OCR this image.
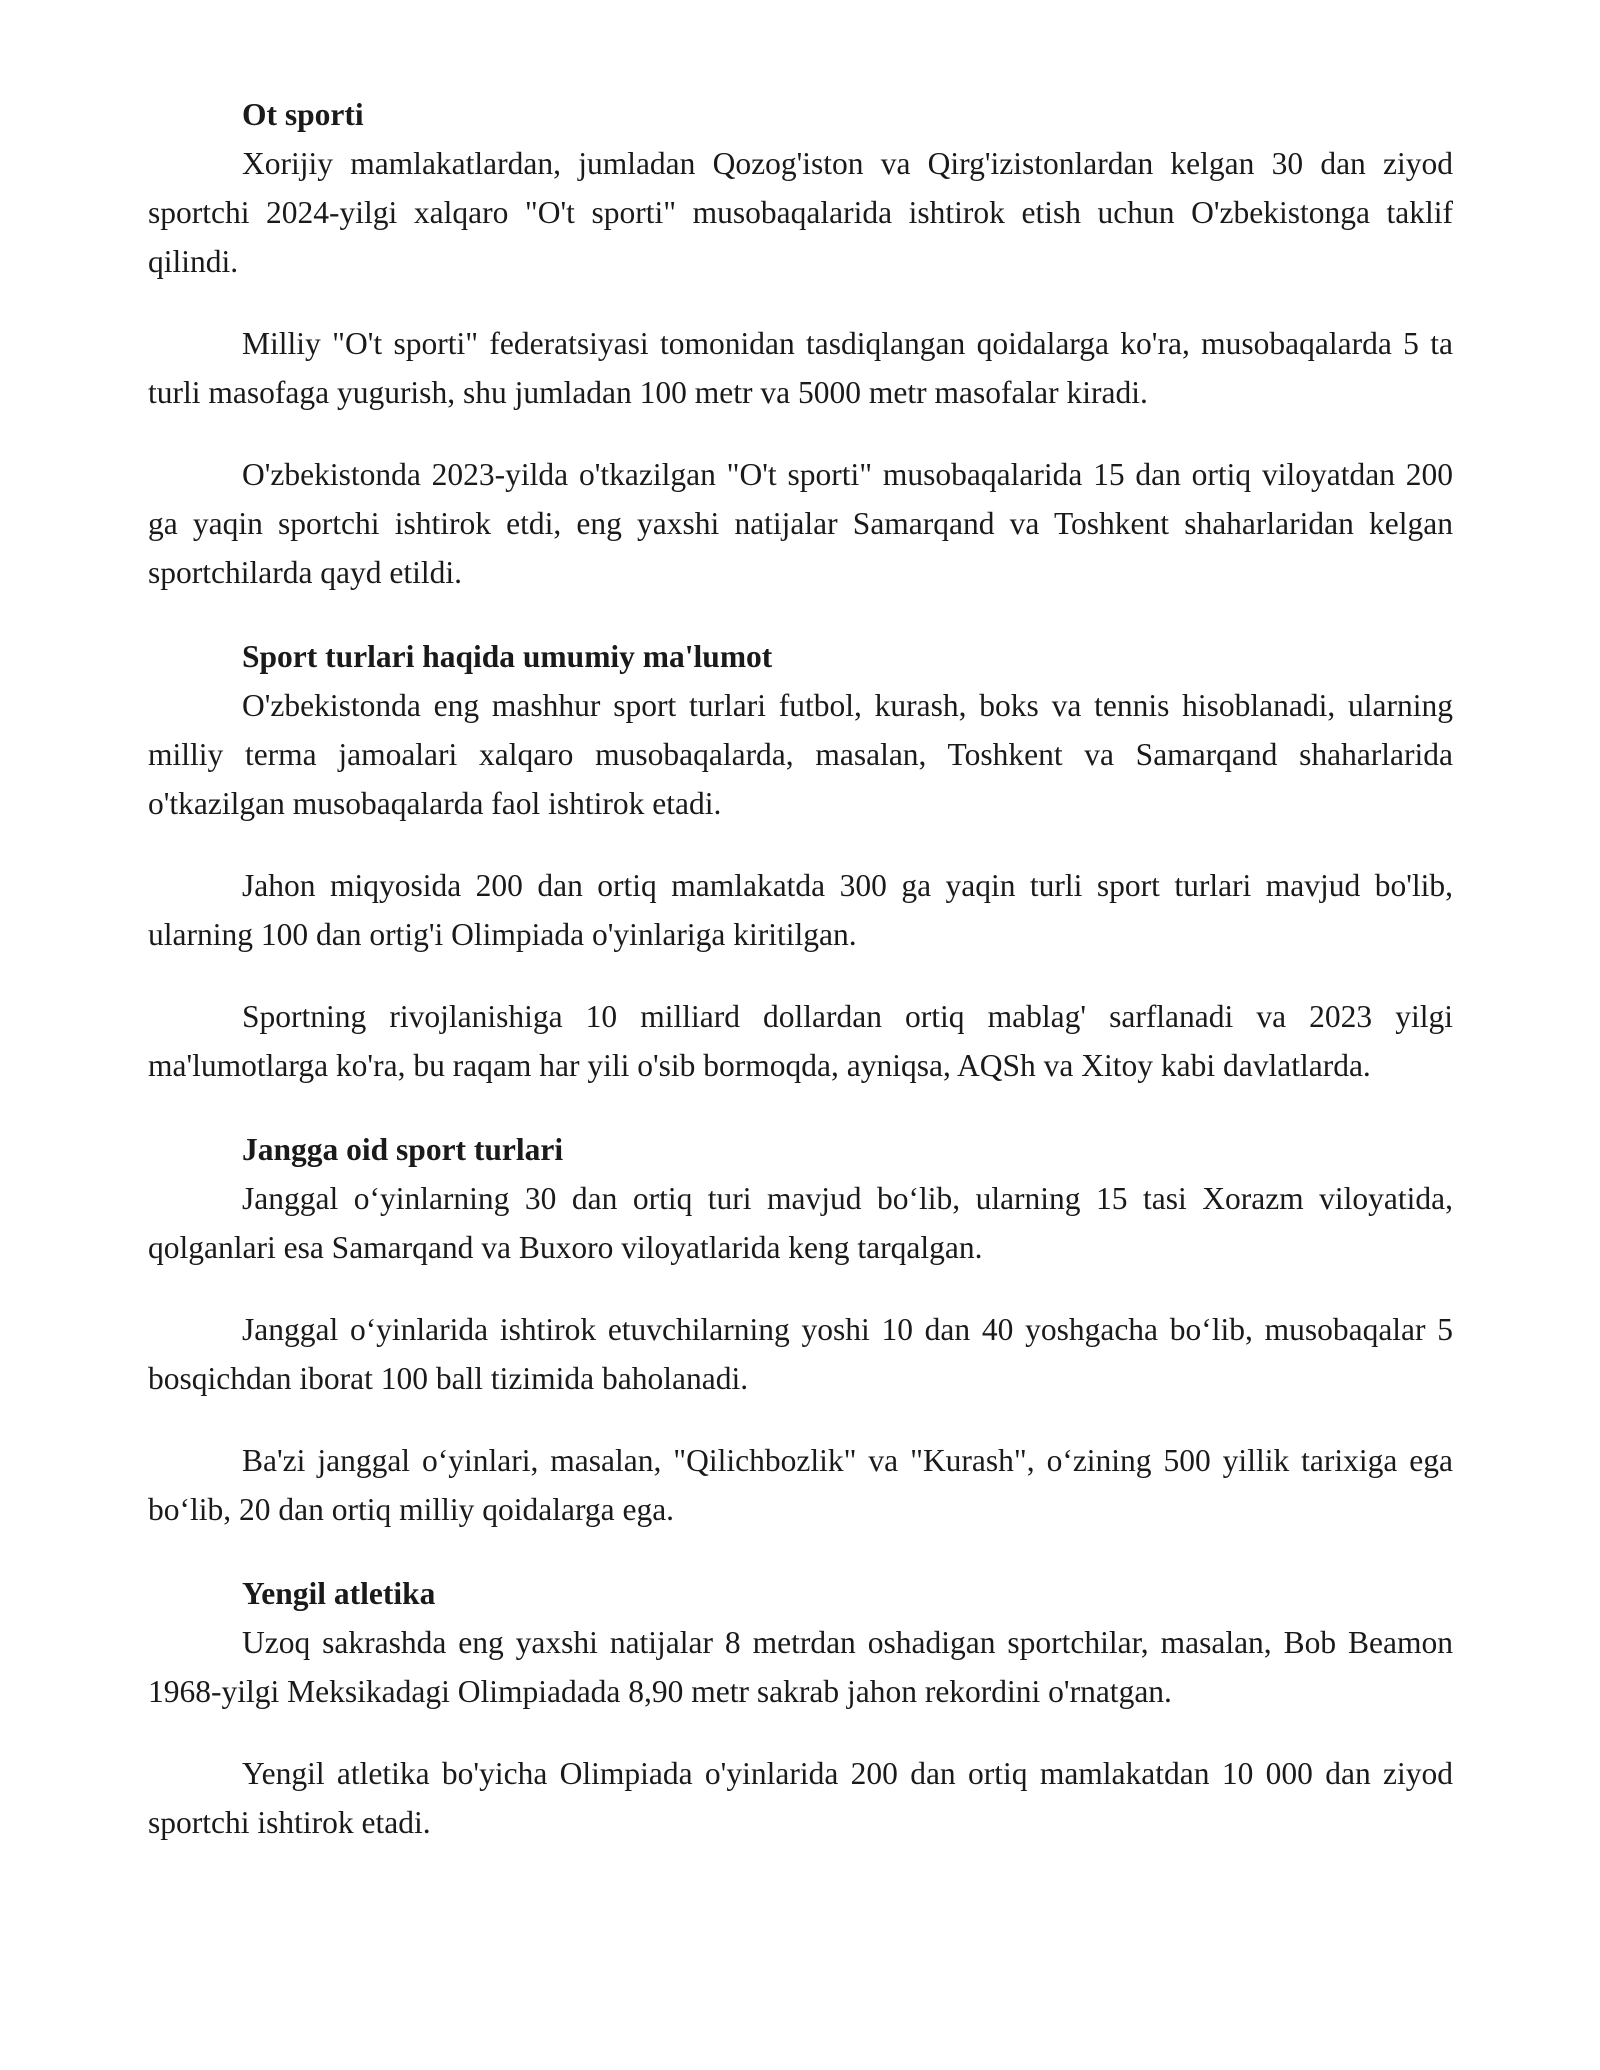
Ot sporti

Xorijiy mamlakatlardan, jumladan Qozog'iston va Qirg'izistonlardan kelgan 30 dan ziyod sportchi 2024-yilgi xalqaro "O't sporti" musobaqalarida ishtirok etish uchun O'zbekistonga taklif qilindi.

Milliy "O't sporti" federatsiyasi tomonidan tasdiqlangan qoidalarga ko'ra, musobaqalarda 5 ta turli masofaga yugurish, shu jumladan 100 metr va 5000 metr masofalar kiradi.

O'zbekistonda 2023-yilda o'tkazilgan "O't sporti" musobaqalarida 15 dan ortiq viloyatdan 200 ga yaqin sportchi ishtirok etdi, eng yaxshi natijalar Samarqand va Toshkent shaharlaridan kelgan sportchilarda qayd etildi.

Sport turlari haqida umumiy ma'lumot

O'zbekistonda eng mashhur sport turlari futbol, kurash, boks va tennis hisoblanadi, ularning milliy terma jamoalari xalqaro musobaqalarda, masalan, Toshkent va Samarqand shaharlarida o'tkazilgan musobaqalarda faol ishtirok etadi.

Jahon miqyosida 200 dan ortiq mamlakatda 300 ga yaqin turli sport turlari mavjud bo'lib, ularning 100 dan ortig'i Olimpiada o'yinlariga kiritilgan.

Sportning rivojlanishiga 10 milliard dollardan ortiq mablag' sarflanadi va 2023 yilgi ma'lumotlarga ko'ra, bu raqam har yili o'sib bormoqda, ayniqsa, AQSh va Xitoy kabi davlatlarda.

Jangga oid sport turlari

Janggal o‘yinlarning 30 dan ortiq turi mavjud bo‘lib, ularning 15 tasi Xorazm viloyatida, qolganlari esa Samarqand va Buxoro viloyatlarida keng tarqalgan.

Janggal o‘yinlarida ishtirok etuvchilarning yoshi 10 dan 40 yoshgacha bo‘lib, musobaqalar 5 bosqichdan iborat 100 ball tizimida baholanadi.

Ba'zi janggal o‘yinlari, masalan, "Qilichbozlik" va "Kurash", o‘zining 500 yillik tarixiga ega bo‘lib, 20 dan ortiq milliy qoidalarga ega.

Yengil atletika

Uzoq sakrashda eng yaxshi natijalar 8 metrdan oshadigan sportchilar, masalan, Bob Beamon 1968-yilgi Meksikadagi Olimpiadada 8,90 metr sakrab jahon rekordini o'rnatgan.

Yengil atletika bo'yicha Olimpiada o'yinlarida 200 dan ortiq mamlakatdan 10 000 dan ziyod sportchi ishtirok etadi.
